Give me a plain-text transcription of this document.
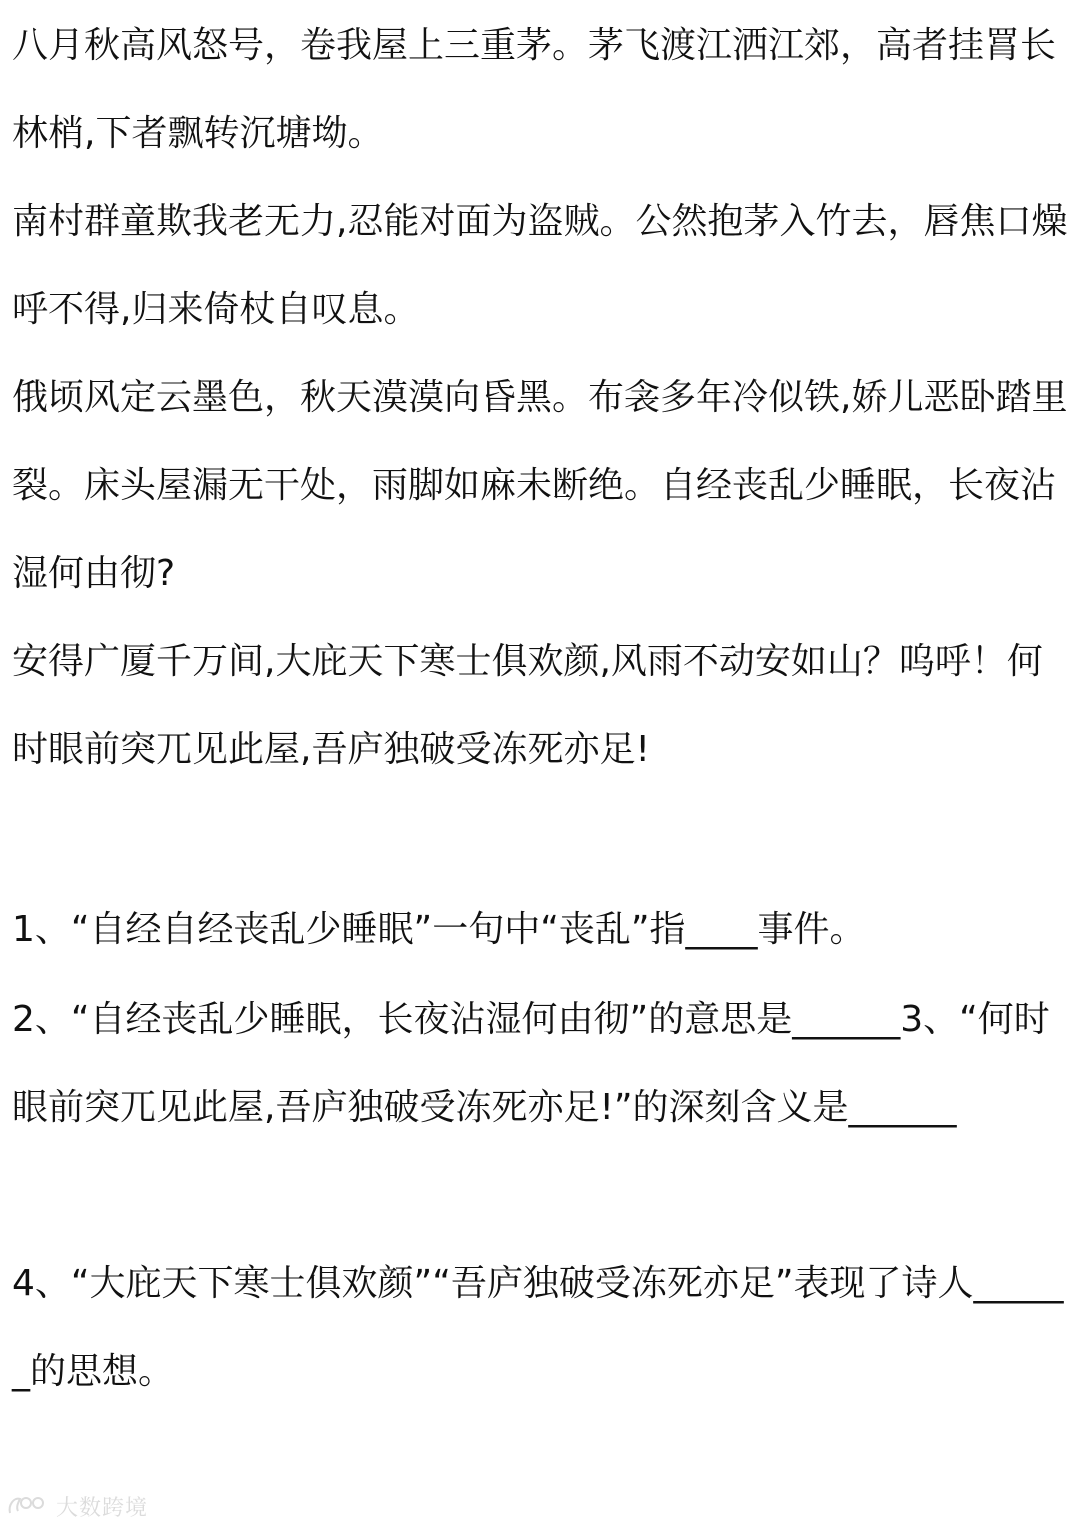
八月秋高风怒号，卷我屋上三重茅。茅飞渡江洒江郊，高者挂罥长林梢,下者飘转沉塘坳。
南村群童欺我老无力,忍能对面为盗贼。公然抱茅入竹去，唇焦口燥呼不得,归来倚杖自叹息。
俄顷风定云墨色，秋天漠漠向昏黑。布衾多年冷似铁,娇儿恶卧踏里裂。床头屋漏无干处，雨脚如麻未断绝。自经丧乱少睡眠，长夜沾湿何由彻?
安得广厦千万间,大庇天下寒士俱欢颜,风雨不动安如山？呜呼！何时眼前突兀见此屋,吾庐独破受冻死亦足!
1、“自经自经丧乱少睡眠”一句中“丧乱”指____事件。
2、“自经丧乱少睡眠，长夜沾湿何由彻”的意思是______3、“何时眼前突兀见此屋,吾庐独破受冻死亦足!”的深刻含义是______
4、“大庇天下寒士俱欢颜”“吾庐独破受冻死亦足”表现了诗人______的思想。
大数跨境
